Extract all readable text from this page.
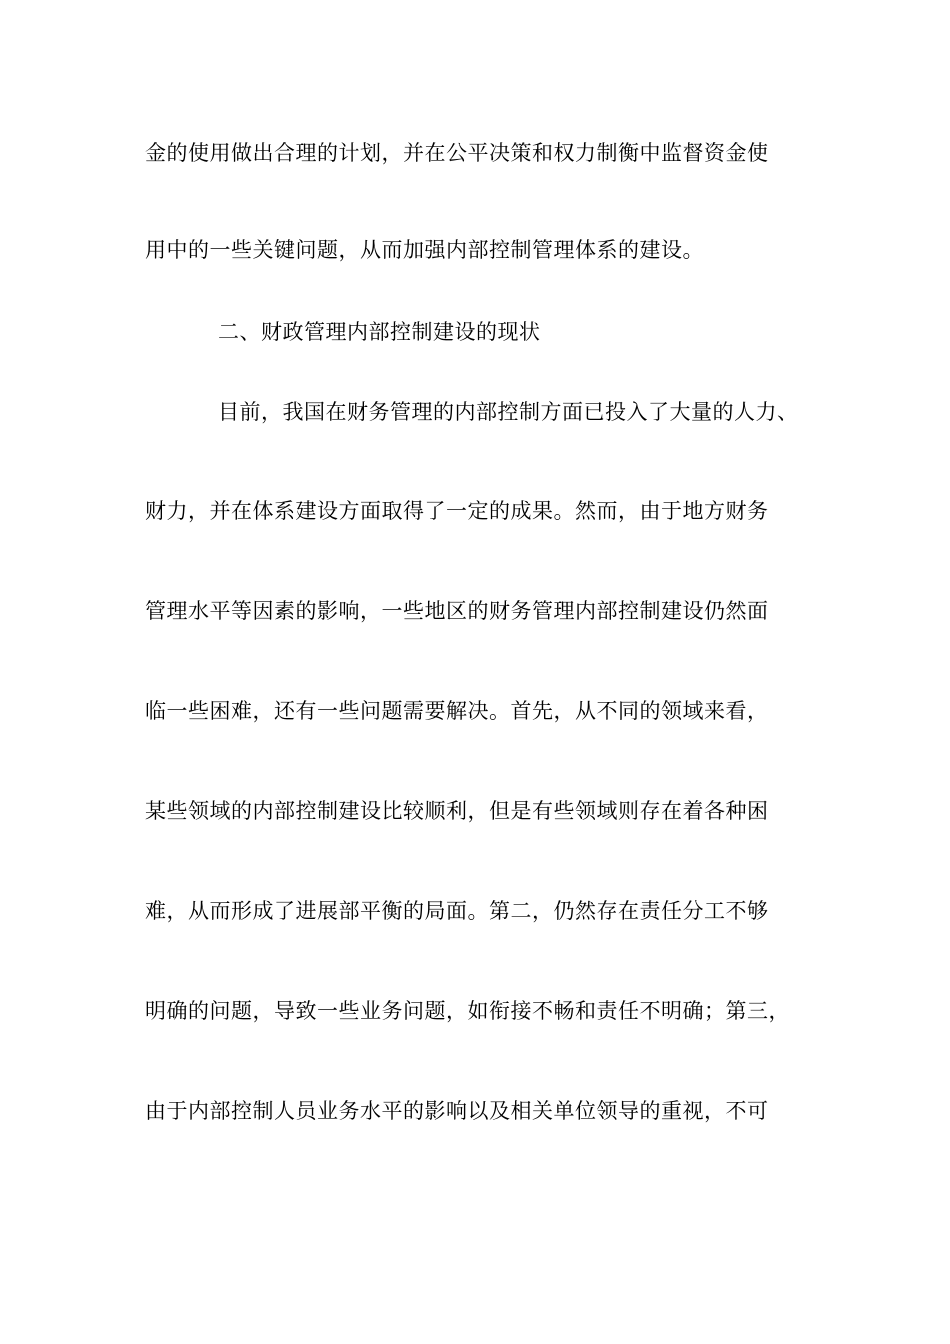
金的使用做出合理的计划，并在公平决策和权力制衡中监督资金使
用中的一些关键问题，从而加强内部控制管理体系的建设。
二、财政管理内部控制建设的现状
目前，我国在财务管理的内部控制方面已投入了大量的人力、
财力，并在体系建设方面取得了一定的成果。然而，由于地方财务
管理水平等因素的影响，一些地区的财务管理内部控制建设仍然面
临一些困难，还有一些问题需要解决。首先，从不同的领域来看，
某些领域的内部控制建设比较顺利，但是有些领域则存在着各种困
难，从而形成了进展部平衡的局面。第二，仍然存在责任分工不够
明确的问题，导致一些业务问题，如衔接不畅和责任不明确；第三，
由于内部控制人员业务水平的影响以及相关单位领导的重视，不可
